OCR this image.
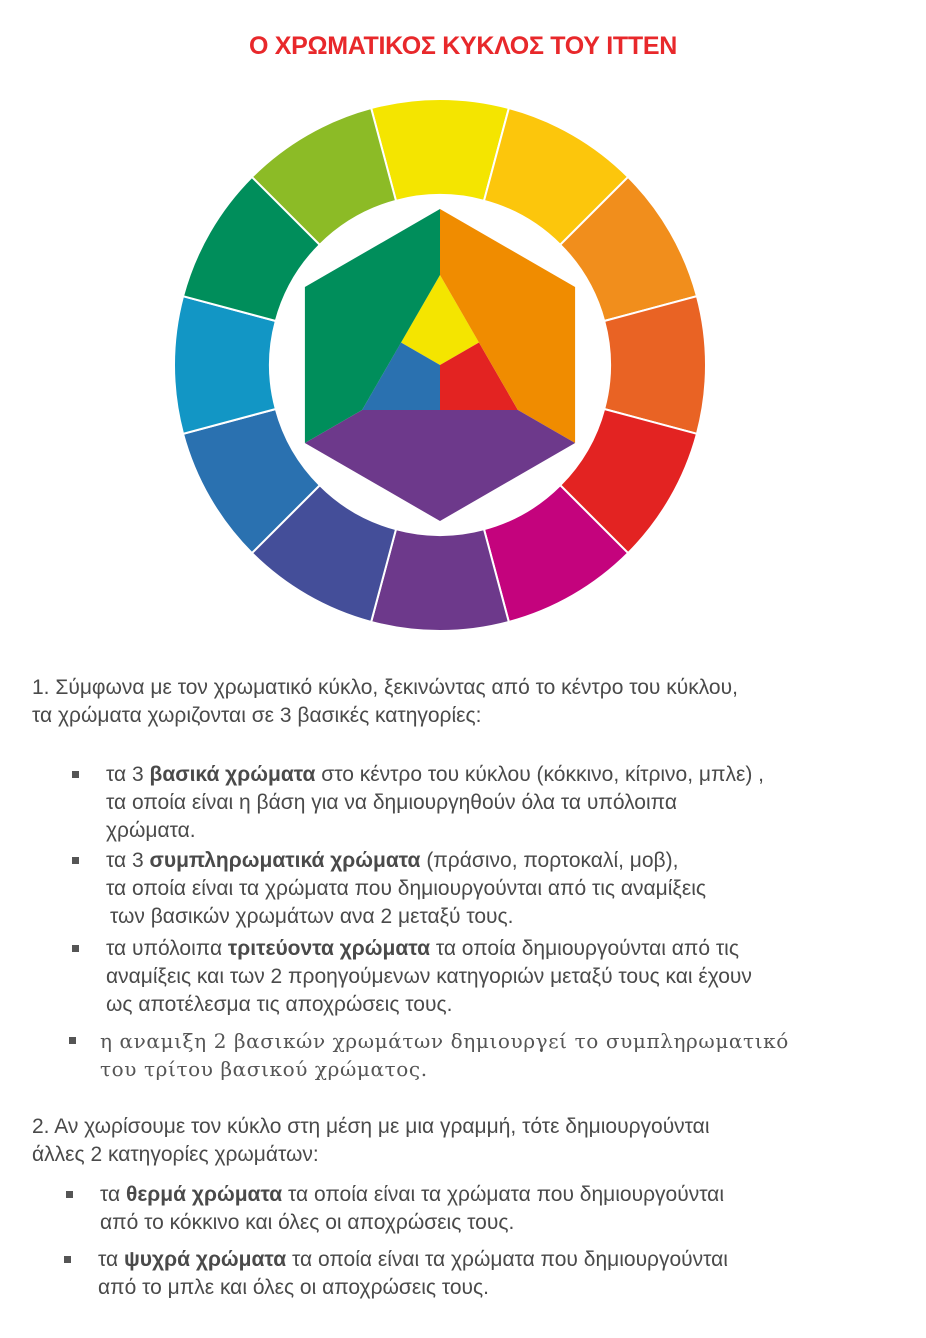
Ο ΧΡΩΜΑΤΙΚΟΣ ΚΥΚΛΟΣ ΤΟΥ ΙΤΤΕΝ

1. Σύμφωνα με τον χρωματικό κύκλο, ξεκινώντας από το κέντρο του κύκλου,
τα χρώματα χωριζονται σε 3 βασικές κατηγορίες:

τα 3 βασικά χρώματα στο κέντρο του κύκλου (κόκκινο, κίτρινο, μπλε) ,
τα οποία είναι η βάση για να δημιουργηθούν όλα τα υπόλοιπα
χρώματα.
τα 3 συμπληρωματικά χρώματα (πράσινο, πορτοκαλί, μοβ),
τα οποία είναι τα χρώματα που δημιουργούνται από τις αναμίξεις
των βασικών χρωμάτων ανα 2 μεταξύ τους.
τα υπόλοιπα τριτεύοντα χρώματα τα οποία δημιουργούνται από τις
αναμίξεις και των 2 προηγούμενων κατηγοριών μεταξύ τους και έχουν
ως αποτέλεσμα τις αποχρώσεις τους.
η αναμιξη 2 βασικών χρωμάτων δημιουργεί το συμπληρωματικό
του τρίτου βασικού χρώματος.

2. Αν χωρίσουμε τον κύκλο στη μέση με μια γραμμή, τότε δημιουργούνται
άλλες 2 κατηγορίες χρωμάτων:

τα θερμά χρώματα τα οποία είναι τα χρώματα που δημιουργούνται
από το κόκκινο και όλες οι αποχρώσεις τους.
τα ψυχρά χρώματα τα οποία είναι τα χρώματα που δημιουργούνται
από το μπλε και όλες οι αποχρώσεις τους.
